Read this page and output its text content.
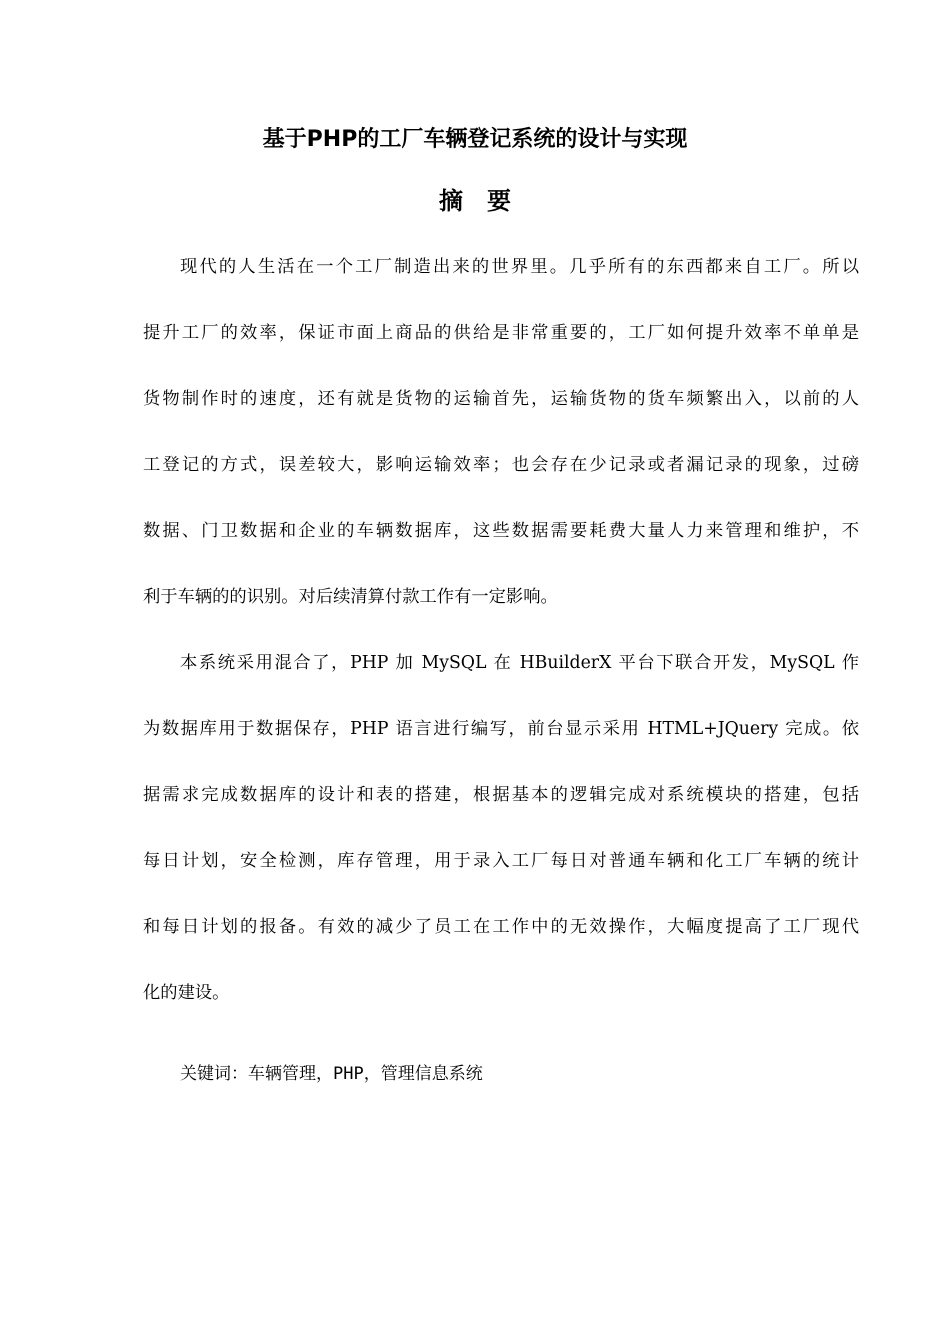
基于PHP的工厂车辆登记系统的设计与实现
摘要

现代的人生活在一个工厂制造出来的世界里。几乎所有的东西都来自工厂。所以
提升工厂的效率，保证市面上商品的供给是非常重要的，工厂如何提升效率不单单是
货物制作时的速度，还有就是货物的运输首先，运输货物的货车频繁出入，以前的人
工登记的方式，误差较大，影响运输效率；也会存在少记录或者漏记录的现象，过磅
数据、门卫数据和企业的车辆数据库，这些数据需要耗费大量人力来管理和维护，不
利于车辆的的识别。对后续清算付款工作有一定影响。

本系统采用混合了，PHP 加 MySQL 在 HBuilderX 平台下联合开发，MySQL 作
为数据库用于数据保存，PHP 语言进行编写，前台显示采用 HTML+JQuery 完成。依
据需求完成数据库的设计和表的搭建，根据基本的逻辑完成对系统模块的搭建，包括
每日计划，安全检测，库存管理，用于录入工厂每日对普通车辆和化工厂车辆的统计
和每日计划的报备。有效的减少了员工在工作中的无效操作，大幅度提高了工厂现代
化的建设。

关键词：车辆管理，PHP，管理信息系统
